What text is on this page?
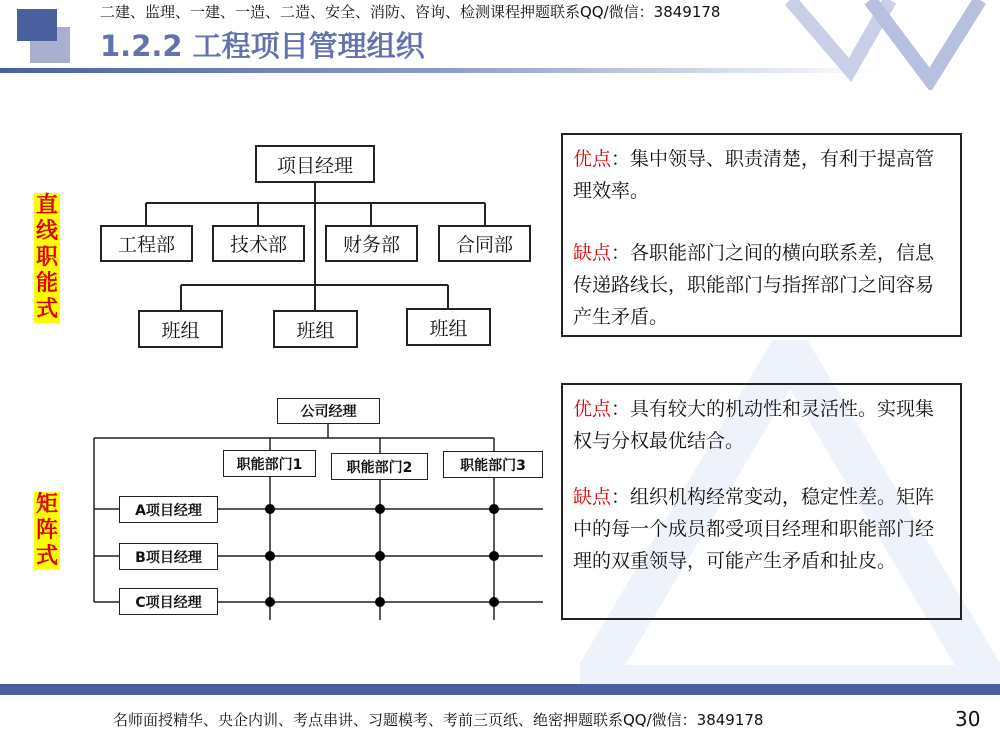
二建、监理、一建、一造、二造、安全、消防、咨询、检测课程押题联系QQ/微信：3849178
1.2.2 工程项目管理组织
直线职能式
项目经理
工程部	技术部	财务部	合同部
班组	班组	班组
矩阵式
公司经理
职能部门1	职能部门2	职能部门3
A项目经理
B项目经理
C项目经理

优点：集中领导、职责清楚，有利于提高管理效率。

缺点：各职能部门之间的横向联系差，信息传递路线长，职能部门与指挥部门之间容易产生矛盾。

优点：具有较大的机动性和灵活性。实现集权与分权最优结合。

缺点：组织机构经常变动，稳定性差。矩阵中的每一个成员都受项目经理和职能部门经理的双重领导，可能产生矛盾和扯皮。

名师面授精华、央企内训、考点串讲、习题模考、考前三页纸、绝密押题联系QQ/微信：3849178	30
